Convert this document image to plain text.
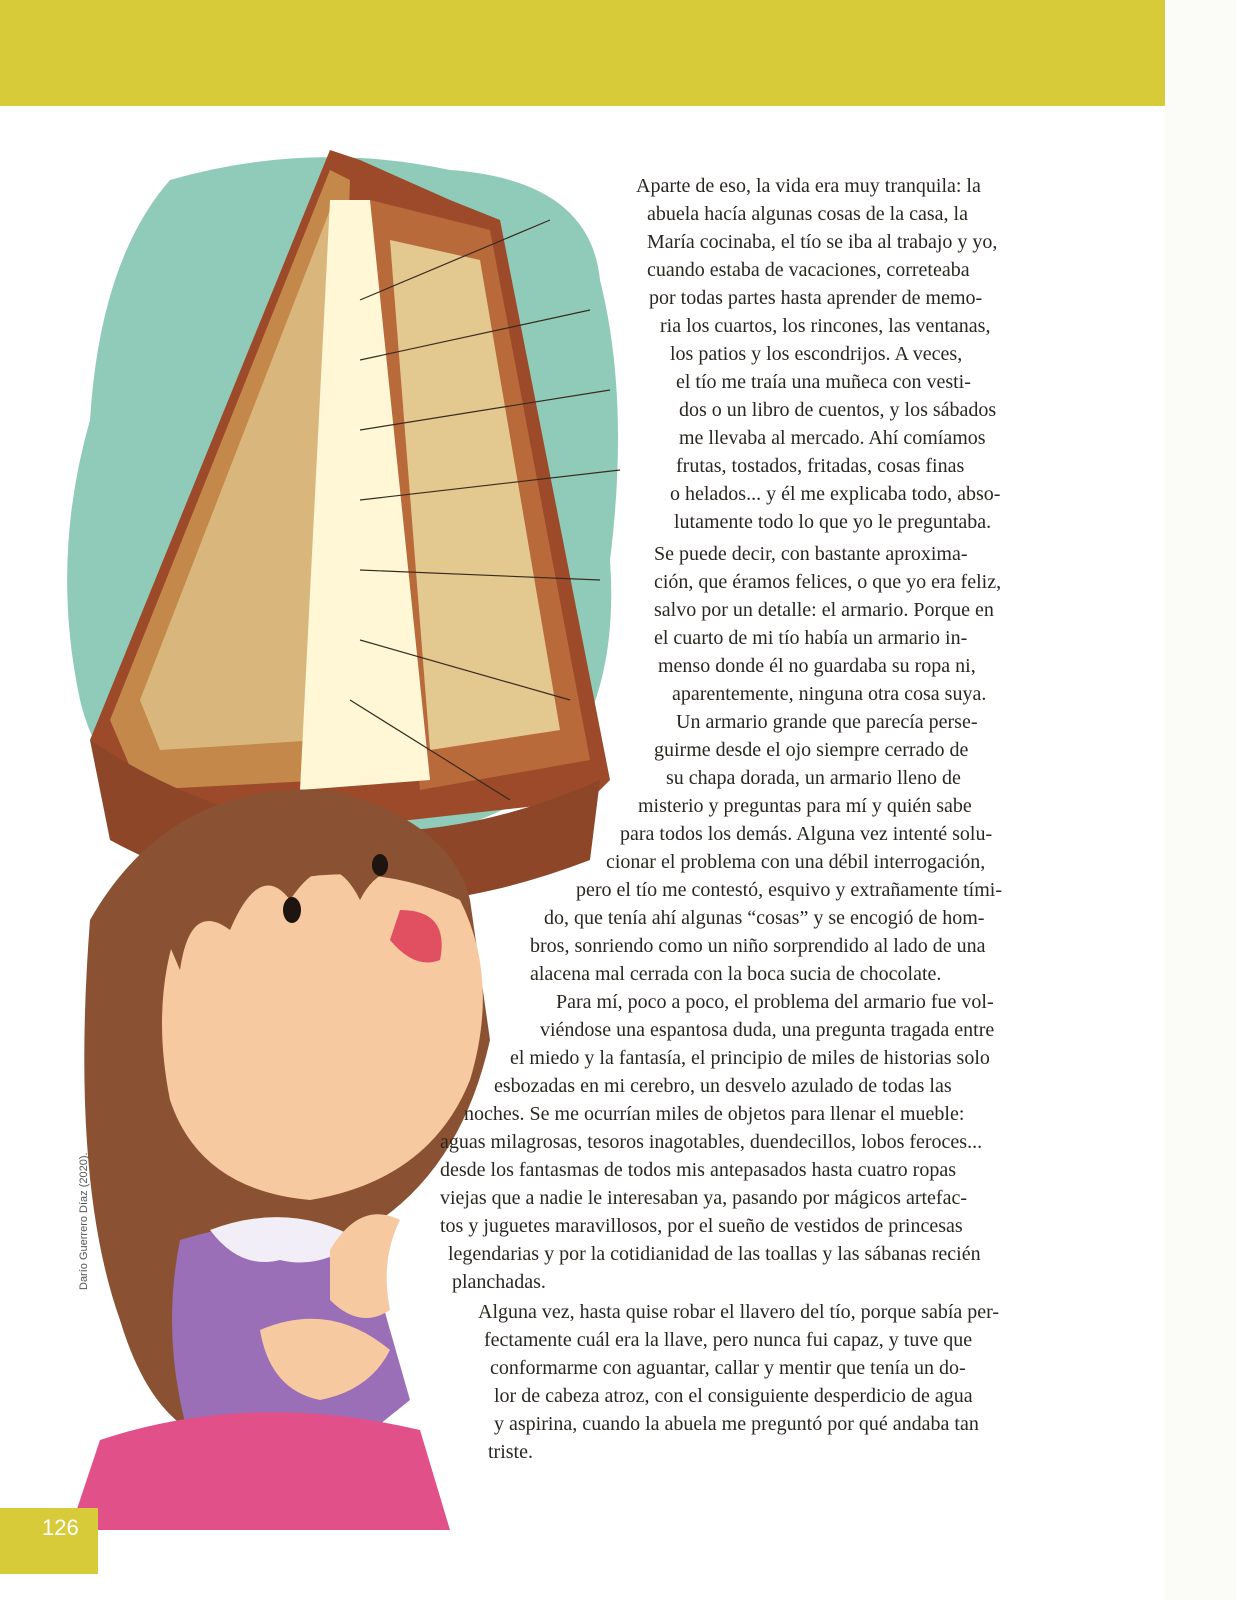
Darío Guerrero Díaz (2020).

Aparte de eso, la vida era muy tranquila: la
abuela hacía algunas cosas de la casa, la
María cocinaba, el tío se iba al trabajo y yo,
cuando estaba de vacaciones, correteaba
por todas partes hasta aprender de memo-
ria los cuartos, los rincones, las ventanas,
los patios y los escondrijos. A veces,
el tío me traía una muñeca con vesti-
dos o un libro de cuentos, y los sábados
me llevaba al mercado. Ahí comíamos
frutas, tostados, fritadas, cosas finas
o helados... y él me explicaba todo, abso-
lutamente todo lo que yo le preguntaba.

Se puede decir, con bastante aproxima-
ción, que éramos felices, o que yo era feliz,
salvo por un detalle: el armario. Porque en
el cuarto de mi tío había un armario in-
menso donde él no guardaba su ropa ni,
aparentemente, ninguna otra cosa suya.
Un armario grande que parecía perse-
guirme desde el ojo siempre cerrado de
su chapa dorada, un armario lleno de
misterio y preguntas para mí y quién sabe
para todos los demás. Alguna vez intenté solu-
cionar el problema con una débil interrogación,
pero el tío me contestó, esquivo y extrañamente tími-
do, que tenía ahí algunas “cosas” y se encogió de hom-
bros, sonriendo como un niño sorprendido al lado de una
alacena mal cerrada con la boca sucia de chocolate.

Para mí, poco a poco, el problema del armario fue vol-
viéndose una espantosa duda, una pregunta tragada entre
el miedo y la fantasía, el principio de miles de historias solo
esbozadas en mi cerebro, un desvelo azulado de todas las
noches. Se me ocurrían miles de objetos para llenar el mueble:
aguas milagrosas, tesoros inagotables, duendecillos, lobos feroces...
desde los fantasmas de todos mis antepasados hasta cuatro ropas
viejas que a nadie le interesaban ya, pasando por mágicos artefac-
tos y juguetes maravillosos, por el sueño de vestidos de princesas
legendarias y por la cotidianidad de las toallas y las sábanas recién
planchadas.

Alguna vez, hasta quise robar el llavero del tío, porque sabía per-
fectamente cuál era la llave, pero nunca fui capaz, y tuve que
conformarme con aguantar, callar y mentir que tenía un do-
lor de cabeza atroz, con el consiguiente desperdicio de agua
y aspirina, cuando la abuela me preguntó por qué andaba tan
triste.

126
